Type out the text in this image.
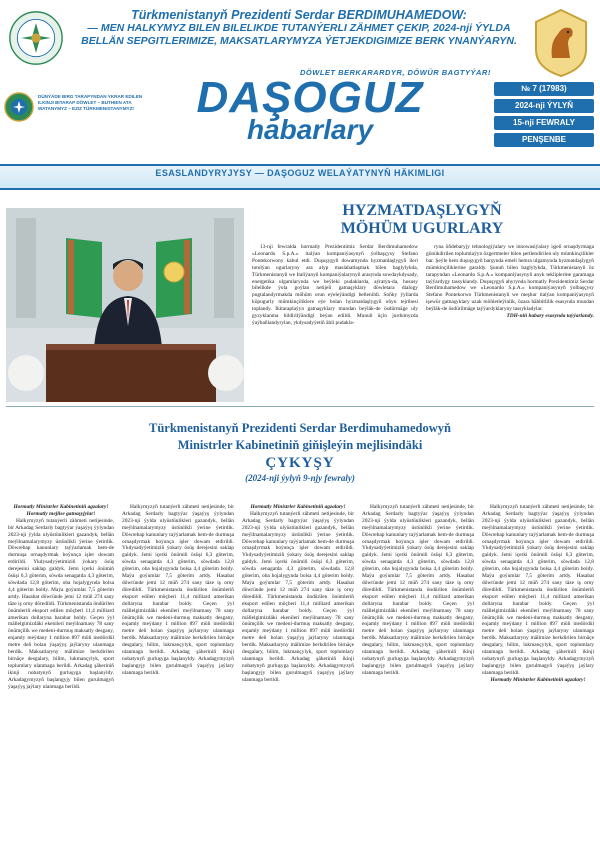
Türkmenistanyň Prezidenti Serdar BERDIMUHAMEDOW:
— MEN HALKYMYZ BILEN BILELIKDE TUTANÝERLI ZÄHMET ÇEKIP, 2024-nji ÝYLDA
BELLÄN SEPGITLERIMIZE, MAKSATLARYMYZA ÝETJEKDIGIMIZE BERK YNANÝARYN.
DÖWLET BERKARARDYR, DÖWÜR BAGTYÝAR!
DÜNÝÄDE BIRG TARAPYNDAN YKRAR EDILEN ILKINJI BITARAP DÖWLET – BUTHIEN ATA WATANYMYZ – EZIZ TÜRKMENISTANYMYZ!	DAŞOGUZ
habarlary
№ 7 (17983)
2024-nji ÝYLYŇ
15-nji FEWRALY
PENŞENBE
ESASLANDYRYJYSY — DAŞOGUZ WELAÝATYNYŇ HÄKIMLIGI
HYZMATDAŞLYGYŇ
MÖHÜM UGURLARY

13-nji fewralda hormatly Prezidentimiz Serdar Berdimuhamedow «Leonardo S.p.A.» italýan kompaniýasynyň ýolbaşçysy Stefano Pontekorwony kabul etdi. Duşuşygyň dowamynda hyzmatdaşlygyň ileri tutulýan ugurlaryny ara alyp maslahatlaşmak bilen baglylykda, Türkmenistanyň we Italiýanyň kompaniýalarynyň arasynda sowdaykdysady, energetika ulgamlarynda we beýleki pudaklarda, aýratyn-da, hususy bilelikde ýola goýlan netijeli gatnaşyklary döwletara dialogy pugtalandyrmakda möhüm orun eýeleýändigi bellenildi. Soňky ýyllarda köpugurly mümkinçiliklere eýe bolan hyzmatdaşlygyň oňyn tejribesi toplandy. Ikitaraplaýyn gatnaşyklary mundan beýläk-de ösdürmäge uly gyzyklanma bildirilýändigi beýan edildi. Munuň üçin jurdumyzda ýaýbaňlandyrylan, ykdysadyýetiň ähli pudakla-

ryna öňdebaryjy tehnologiýalary we innowasiýalary işjeň ornaşdyrmaga gönükdirilen toplumlaýyn özgertmeler bilen şertlendirilen uly mümkinçilikler bar. Şeýle hem duşuşygyň barşynda emeli hemra ulgamynda hyzmatdaşlygyň mümkinçiliklerine garaldy. Şunuň bilen baglylykda, Türkmenistanyň öz tarapyndan «Leonardo S.p.A.» kompaniýasynyň anyk teklipleriне garamaga taýýardygy tassyklandy. Duşuşygyň ahyrynda hormatly Prezidentimiz Serdar Berdimuhamedow we «Leonardo S.p.A.» kompaniýasynyň ýolbaşçysy Stefano Pontekorwo Türkmenistanyň we meşhur italýan kompaniýasynyň işewür gatnaşyklary uzak möhletleýinlik, özara bähbitlilik esasynda mundan beýläk-de ösdürilmäge taýýardyklaryny tassykladylar.

TDH-niň habary esasynda taýýarlandy.

Türkmenistanyň Prezidenti Serdar Berdimuhamedowyň
Ministrler Kabinetiniň giňişleýin mejlisindäki
ÇYKYŞY
(2024-nji ýylyň 9-njy fewraly)

Hormatly Ministrler Kabinetiniň agzalary!

Hormatly mejlise gatnaşyjylar!

Halkymyzyň tutanýerli zähmeti netijesinde, bir Arkadag Serdarly bagtyýar ýaşaýyş ýylyndan 2023-nji ýylda ulyüstünlikleri gazandyk, bellän meýilnamalarymyzy üstünlikli ýerine ýetirdik. Döwrebap kanunlary taýýarlamak hem-de durmuşa ornaşdyrmak boýunça işler dowam etdirildi. Ykdysadyýetimiziň ýokary ösüş derejesini saklap galdyk. Jemi içerki önümiň ösüşi 6,3 göterim, söwda senagatda 4,3 göterim, söwdada 12,8 göterim, oba hojalygynda bolsa 4,4 göterim boldy. Maýa goýumlar 7,5 göterim artdy. Hasabat döwründe jemi 12 müň 274 sany täze iş orny döredildi. Türkmenistanda öndürilen önümleriň eksport edilen möçberi 11,4 milliard amerikan dollaryna barabar boldy. Geçen ýyl mällelgimizdäki ekenileri meýilnamasy 78 sany önümçilik we medeni-durmuş maksatly desgany, enjamly meýdany 1 million 897 müň inedördül metre deň bolan ýaşaýyş jaýlaryny ulanmaga berdik. Maksatlaryny mälimize berkdirilen birnäçe desgalary, bilim, lukmançylyk, sport toplumlary ulanmaga berildi. Arkadag şäheriniň ikinji nobatynyň gurluşyga başlanyldy. Arkadagymyzyň başlangyjy bilen gurulmagyň ýaşaýyş jaýlary ulanmaga berildi.

Halkymyzyň tutanýerli zähmeti netijesinde, bir Arkadag Serdarly bagtyýar ýaşaýyş ýylyndan 2023-nji ýylda ulyüstünlikleri gazandyk, bellän meýilnamalarymyzy üstünlikli ýerine ýetirdik. Döwrebap kanunlary taýýarlamak hem-de durmuşa ornaşdyrmak boýunça işler dowam etdirildi. Ykdysadyýetimiziň ýokary ösüş derejesini saklap galdyk. Jemi içerki önümiň ösüşi 6,3 göterim, söwda senagatda 4,3 göterim, söwdada 12,8 göterim, oba hojalygynda bolsa 4,4 göterim boldy. Maýa goýumlar 7,5 göterim artdy. Hasabat döwründe jemi 12 müň 274 sany täze iş orny döredildi. Türkmenistanda öndürilen önümleriň eksport edilen möçberi 11,4 milliard amerikan dollaryna barabar boldy. Geçen ýyl mällelgimizdäki ekenileri meýilnamasy 78 sany önümçilik we medeni-durmuş maksatly desgany, enjamly meýdany 1 million 897 müň inedördül metre deň bolan ýaşaýyş jaýlaryny ulanmaga berdik. Maksatlaryny mälimize berkdirilen birnäçe desgalary, bilim, lukmançylyk, sport toplumlary ulanmaga berildi. Arkadag şäheriniň ikinji nobatynyň gurluşyga başlanyldy. Arkadagymyzyň başlangyjy bilen gurulmagyň ýaşaýyş jaýlary ulanmaga berildi.

Hormatly Ministrler Kabinetiniň agzalary!

Halkymyzyň tutanýerli zähmeti netijesinde, bir Arkadag Serdarly bagtyýar ýaşaýyş ýylyndan 2023-nji ýylda ulyüstünlikleri gazandyk, bellän meýilnamalarymyzy üstünlikli ýerine ýetirdik. Döwrebap kanunlary taýýarlamak hem-de durmuşa ornaşdyrmak boýunça işler dowam etdirildi. Ykdysadyýetimiziň ýokary ösüş derejesini saklap galdyk. Jemi içerki önümiň ösüşi 6,3 göterim, söwda senagatda 4,3 göterim, söwdada 12,8 göterim, oba hojalygynda bolsa 4,4 göterim boldy. Maýa goýumlar 7,5 göterim artdy. Hasabat döwründe jemi 12 müň 274 sany täze iş orny döredildi. Türkmenistanda öndürilen önümleriň eksport edilen möçberi 11,4 milliard amerikan dollaryna barabar boldy. Geçen ýyl mällelgimizdäki ekenileri meýilnamasy 78 sany önümçilik we medeni-durmuş maksatly desgany, enjamly meýdany 1 million 897 müň inedördül metre deň bolan ýaşaýyş jaýlaryny ulanmaga berdik. Maksatlaryny mälimize berkdirilen birnäçe desgalary, bilim, lukmançylyk, sport toplumlary ulanmaga berildi. Arkadag şäheriniň ikinji nobatynyň gurluşyga başlanyldy. Arkadagymyzyň başlangyjy bilen gurulmagyň ýaşaýyş jaýlary ulanmaga berildi.

Halkymyzyň tutanýerli zähmeti netijesinde, bir Arkadag Serdarly bagtyýar ýaşaýyş ýylyndan 2023-nji ýylda ulyüstünlikleri gazandyk, bellän meýilnamalarymyzy üstünlikli ýerine ýetirdik. Döwrebap kanunlary taýýarlamak hem-de durmuşa ornaşdyrmak boýunça işler dowam etdirildi. Ykdysadyýetimiziň ýokary ösüş derejesini saklap galdyk. Jemi içerki önümiň ösüşi 6,3 göterim, söwda senagatda 4,3 göterim, söwdada 12,8 göterim, oba hojalygynda bolsa 4,4 göterim boldy. Maýa goýumlar 7,5 göterim artdy. Hasabat döwründe jemi 12 müň 274 sany täze iş orny döredildi. Türkmenistanda öndürilen önümleriň eksport edilen möçberi 11,4 milliard amerikan dollaryna barabar boldy. Geçen ýyl mällelgimizdäki ekenileri meýilnamasy 78 sany önümçilik we medeni-durmuş maksatly desgany, enjamly meýdany 1 million 897 müň inedördül metre deň bolan ýaşaýyş jaýlaryny ulanmaga berdik. Maksatlaryny mälimize berkdirilen birnäçe desgalary, bilim, lukmançylyk, sport toplumlary ulanmaga berildi. Arkadag şäheriniň ikinji nobatynyň gurluşyga başlanyldy. Arkadagymyzyň başlangyjy bilen gurulmagyň ýaşaýyş jaýlary ulanmaga berildi.

Halkymyzyň tutanýerli zähmeti netijesinde, bir Arkadag Serdarly bagtyýar ýaşaýyş ýylyndan 2023-nji ýylda ulyüstünlikleri gazandyk, bellän meýilnamalarymyzy üstünlikli ýerine ýetirdik. Döwrebap kanunlary taýýarlamak hem-de durmuşa ornaşdyrmak boýunça işler dowam etdirildi. Ykdysadyýetimiziň ýokary ösüş derejesini saklap galdyk. Jemi içerki önümiň ösüşi 6,3 göterim, söwda senagatda 4,3 göterim, söwdada 12,8 göterim, oba hojalygynda bolsa 4,4 göterim boldy. Maýa goýumlar 7,5 göterim artdy. Hasabat döwründe jemi 12 müň 274 sany täze iş orny döredildi. Türkmenistanda öndürilen önümleriň eksport edilen möçberi 11,4 milliard amerikan dollaryna barabar boldy. Geçen ýyl mällelgimizdäki ekenileri meýilnamasy 78 sany önümçilik we medeni-durmuş maksatly desgany, enjamly meýdany 1 million 897 müň inedördül metre deň bolan ýaşaýyş jaýlaryny ulanmaga berdik. Maksatlaryny mälimize berkdirilen birnäçe desgalary, bilim, lukmançylyk, sport toplumlary ulanmaga berildi. Arkadag şäheriniň ikinji nobatynyň gurluşyga başlanyldy. Arkadagymyzyň başlangyjy bilen gurulmagyň ýaşaýyş jaýlary ulanmaga berildi.

Hormatly Ministrler Kabinetiniň agzalary!
